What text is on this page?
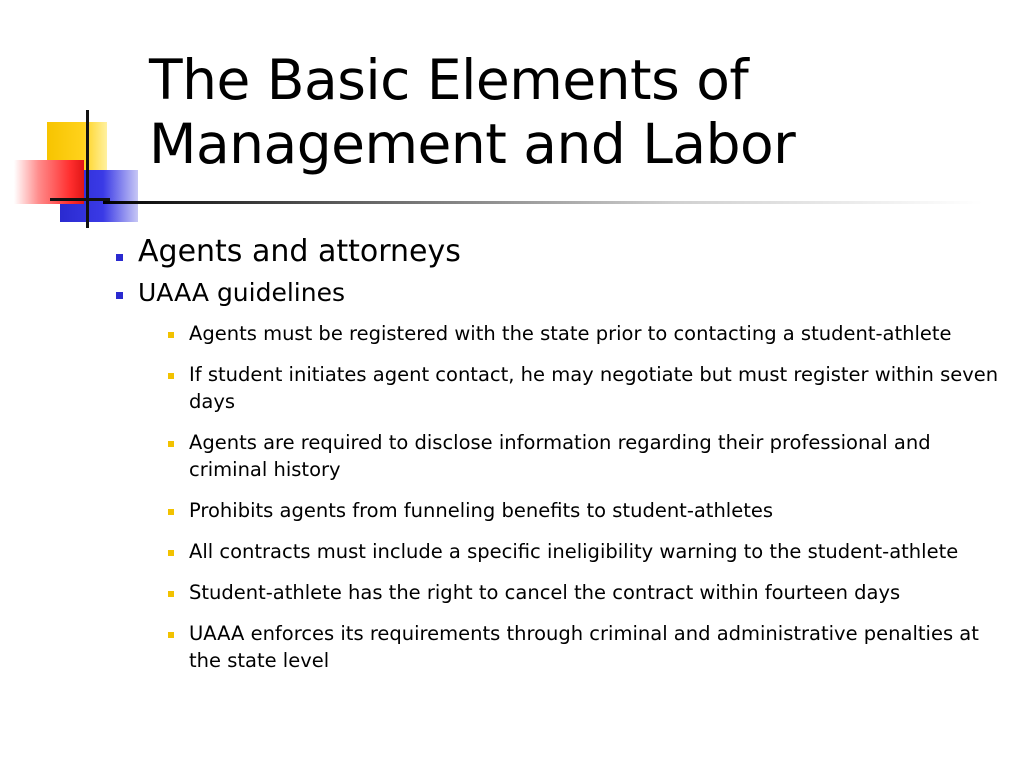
The Basic Elements of
Management and Labor
Agents and attorneys
UAAA guidelines
Agents must be registered with the state prior to contacting a student-athlete
If student initiates agent contact, he may negotiate but must register within seven days
Agents are required to disclose information regarding their professional and criminal history
Prohibits agents from funneling benefits to student-athletes
All contracts must include a specific ineligibility warning to the student-athlete
Student-athlete has the right to cancel the contract within fourteen days
UAAA enforces its requirements through criminal and administrative penalties at the state level
